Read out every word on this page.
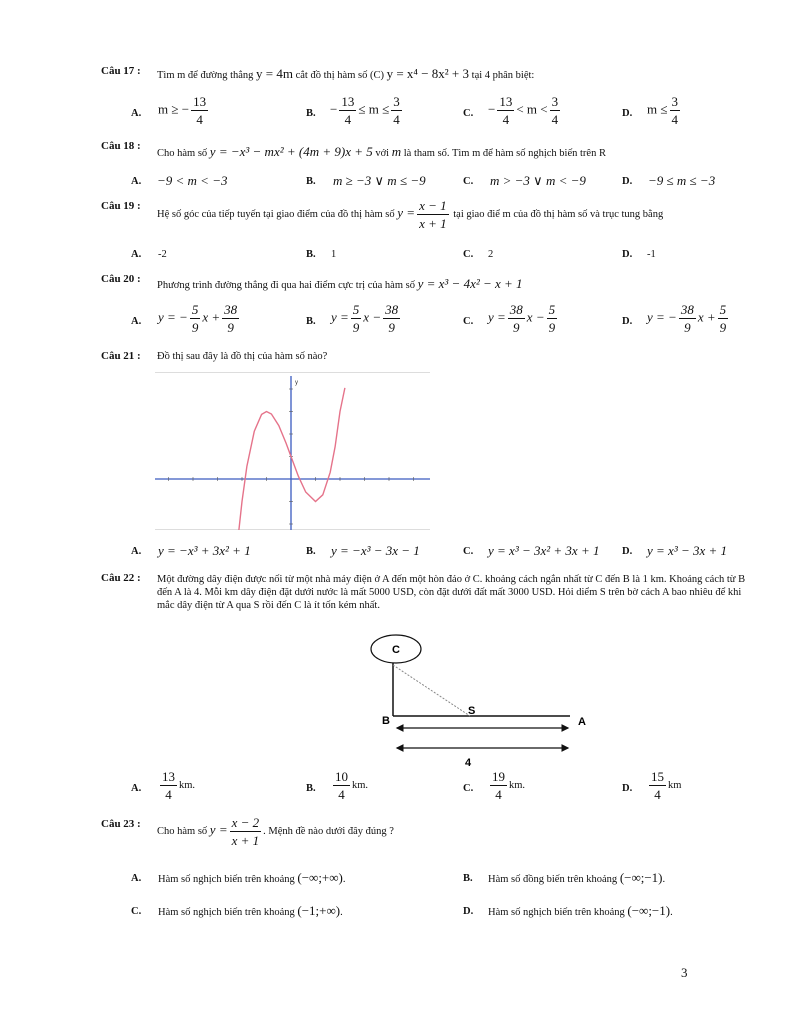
Câu 17 : Tìm m để đường thẳng y = 4m cắt đồ thị hàm số (C) y = x⁴ − 8x² + 3 tại 4 phân biệt:
A. m ≥ − $\frac{13}{4}$	B. − $\frac{13}{4} \le m \le \frac{3}{4}$	C. − $\frac{13}{4} < m < \frac{3}{4}$	D. $m \le \frac{3}{4}$
Câu 18 :
Cho hàm số y = −x³ − mx² + (4m + 9)x + 5 với m là tham số. Tìm m để hàm số nghịch biến trên R
A. −9 < m < −3	B. m ≥ −3 ∨ m ≤ −9	C. m > −3 ∨ m < −9	D. −9 ≤ m ≤ −3
Câu 19 :
Hệ số góc của tiếp tuyến tại giao điểm của đồ thị hàm số $y = \frac{x - 1}{x + 1}$ tại giao điể m của đồ thị hàm số và trục tung bằng
A. -2	B. 1	C. 2	D. -1
Câu 20 :
Phương trình đường thẳng đi qua hai điểm cực trị của hàm số y = x³ − 4x² − x + 1
A. y = − $\frac{5}{9}$ $x + \frac{38}{9}$	B. $y = \frac{5}{9}$ $x - \frac{38}{9}$	C. $y = \frac{38}{9}$ $x - \frac{5}{9}$	D. y = − $\frac{38}{9}$ $x + \frac{5}{9}$
Câu 21 : Đồ thị sau đây là đồ thị của hàm số nào?
y
A. y = −x³ + 3x² + 1	B. y = −x³ − 3x − 1	C. y = x³ − 3x² + 3x + 1 D. y = x³ − 3x + 1
Câu 22 : Một đường dây điện được nối từ một nhà máy điện ở A đến một hòn đảo ở C. khoảng cách ngắn nhất từ C đến B là 1 km. Khoảng cách từ B đến A là 4. Mỗi km dây điện đặt dưới nước là mất 5000 USD, còn đặt dưới đất mất 3000 USD. Hỏi diểm S trên bờ cách A bao nhiêu để khi mắc dây điện từ A qua S rồi đến C là ít tốn kém nhất.
C
B
S
A
4
A. $\frac{13}{4}$ km.	B. $\frac{10}{4}$ km.	C. $\frac{19}{4}$ km.	D. $\frac{15}{4}$ km
Câu 23 :
Cho hàm số $y = \frac{x - 2}{x + 1}$ . Mệnh đề nào dưới đây đúng ?
A. Hàm số nghịch biến trên khoảng (−∞;+∞).	B. Hàm số đồng biến trên khoảng (−∞;−1).
C. Hàm số nghịch biến trên khoảng (−1;+∞).	D. Hàm số nghịch biến trên khoảng (−∞;−1).
3
